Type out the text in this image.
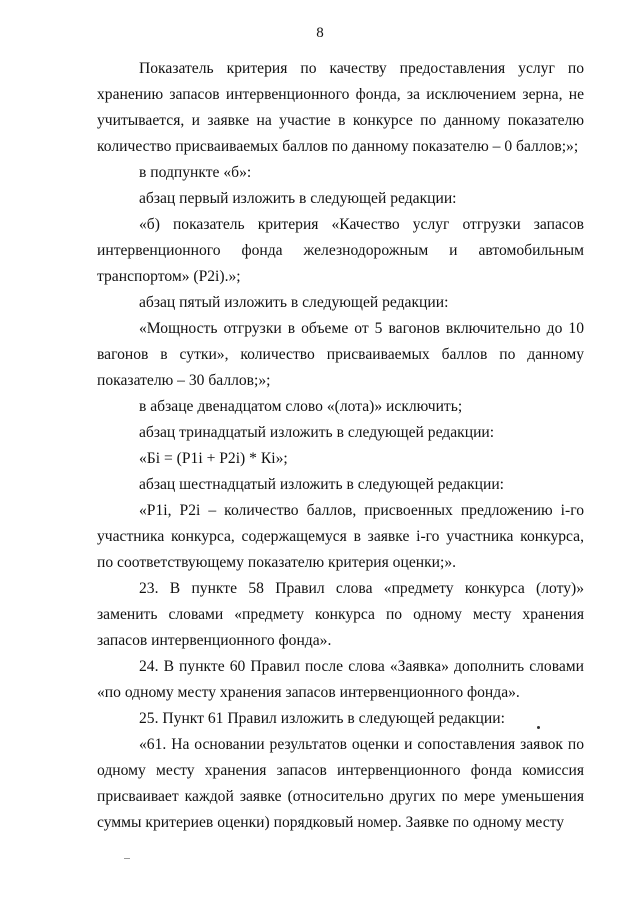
8

Показатель критерия по качеству предоставления услуг по хранению запасов интервенционного фонда, за исключением зерна, не учитывается, и заявке на участие в конкурсе по данному показателю количество присваиваемых баллов по данному показателю – 0 баллов;»;

в подпункте «б»:

абзац первый изложить в следующей редакции:

«б) показатель критерия «Качество услуг отгрузки запасов интервенционного фонда железнодорожным и автомобильным транспортом» (Р2i).»;

абзац пятый изложить в следующей редакции:

«Мощность отгрузки в объеме от 5 вагонов включительно до 10 вагонов в сутки», количество присваиваемых баллов по данному показателю – 30 баллов;»;

в абзаце двенадцатом слово «(лота)» исключить;

абзац тринадцатый изложить в следующей редакции:

«Бi = (Р1i + Р2i) * Кi»;

абзац шестнадцатый изложить в следующей редакции:

«Р1i, Р2i – количество баллов, присвоенных предложению i-го участника конкурса, содержащемуся в заявке i-го участника конкурса, по соответствующему показателю критерия оценки;».

23. В пункте 58 Правил слова «предмету конкурса (лоту)» заменить словами «предмету конкурса по одному месту хранения запасов интервенционного фонда».

24. В пункте 60 Правил после слова «Заявка» дополнить словами «по одному месту хранения запасов интервенционного фонда».

25. Пункт 61 Правил изложить в следующей редакции:

«61. На основании результатов оценки и сопоставления заявок по одному месту хранения запасов интервенционного фонда комиссия присваивает каждой заявке (относительно других по мере уменьшения суммы критериев оценки) порядковый номер. Заявке по одному месту
